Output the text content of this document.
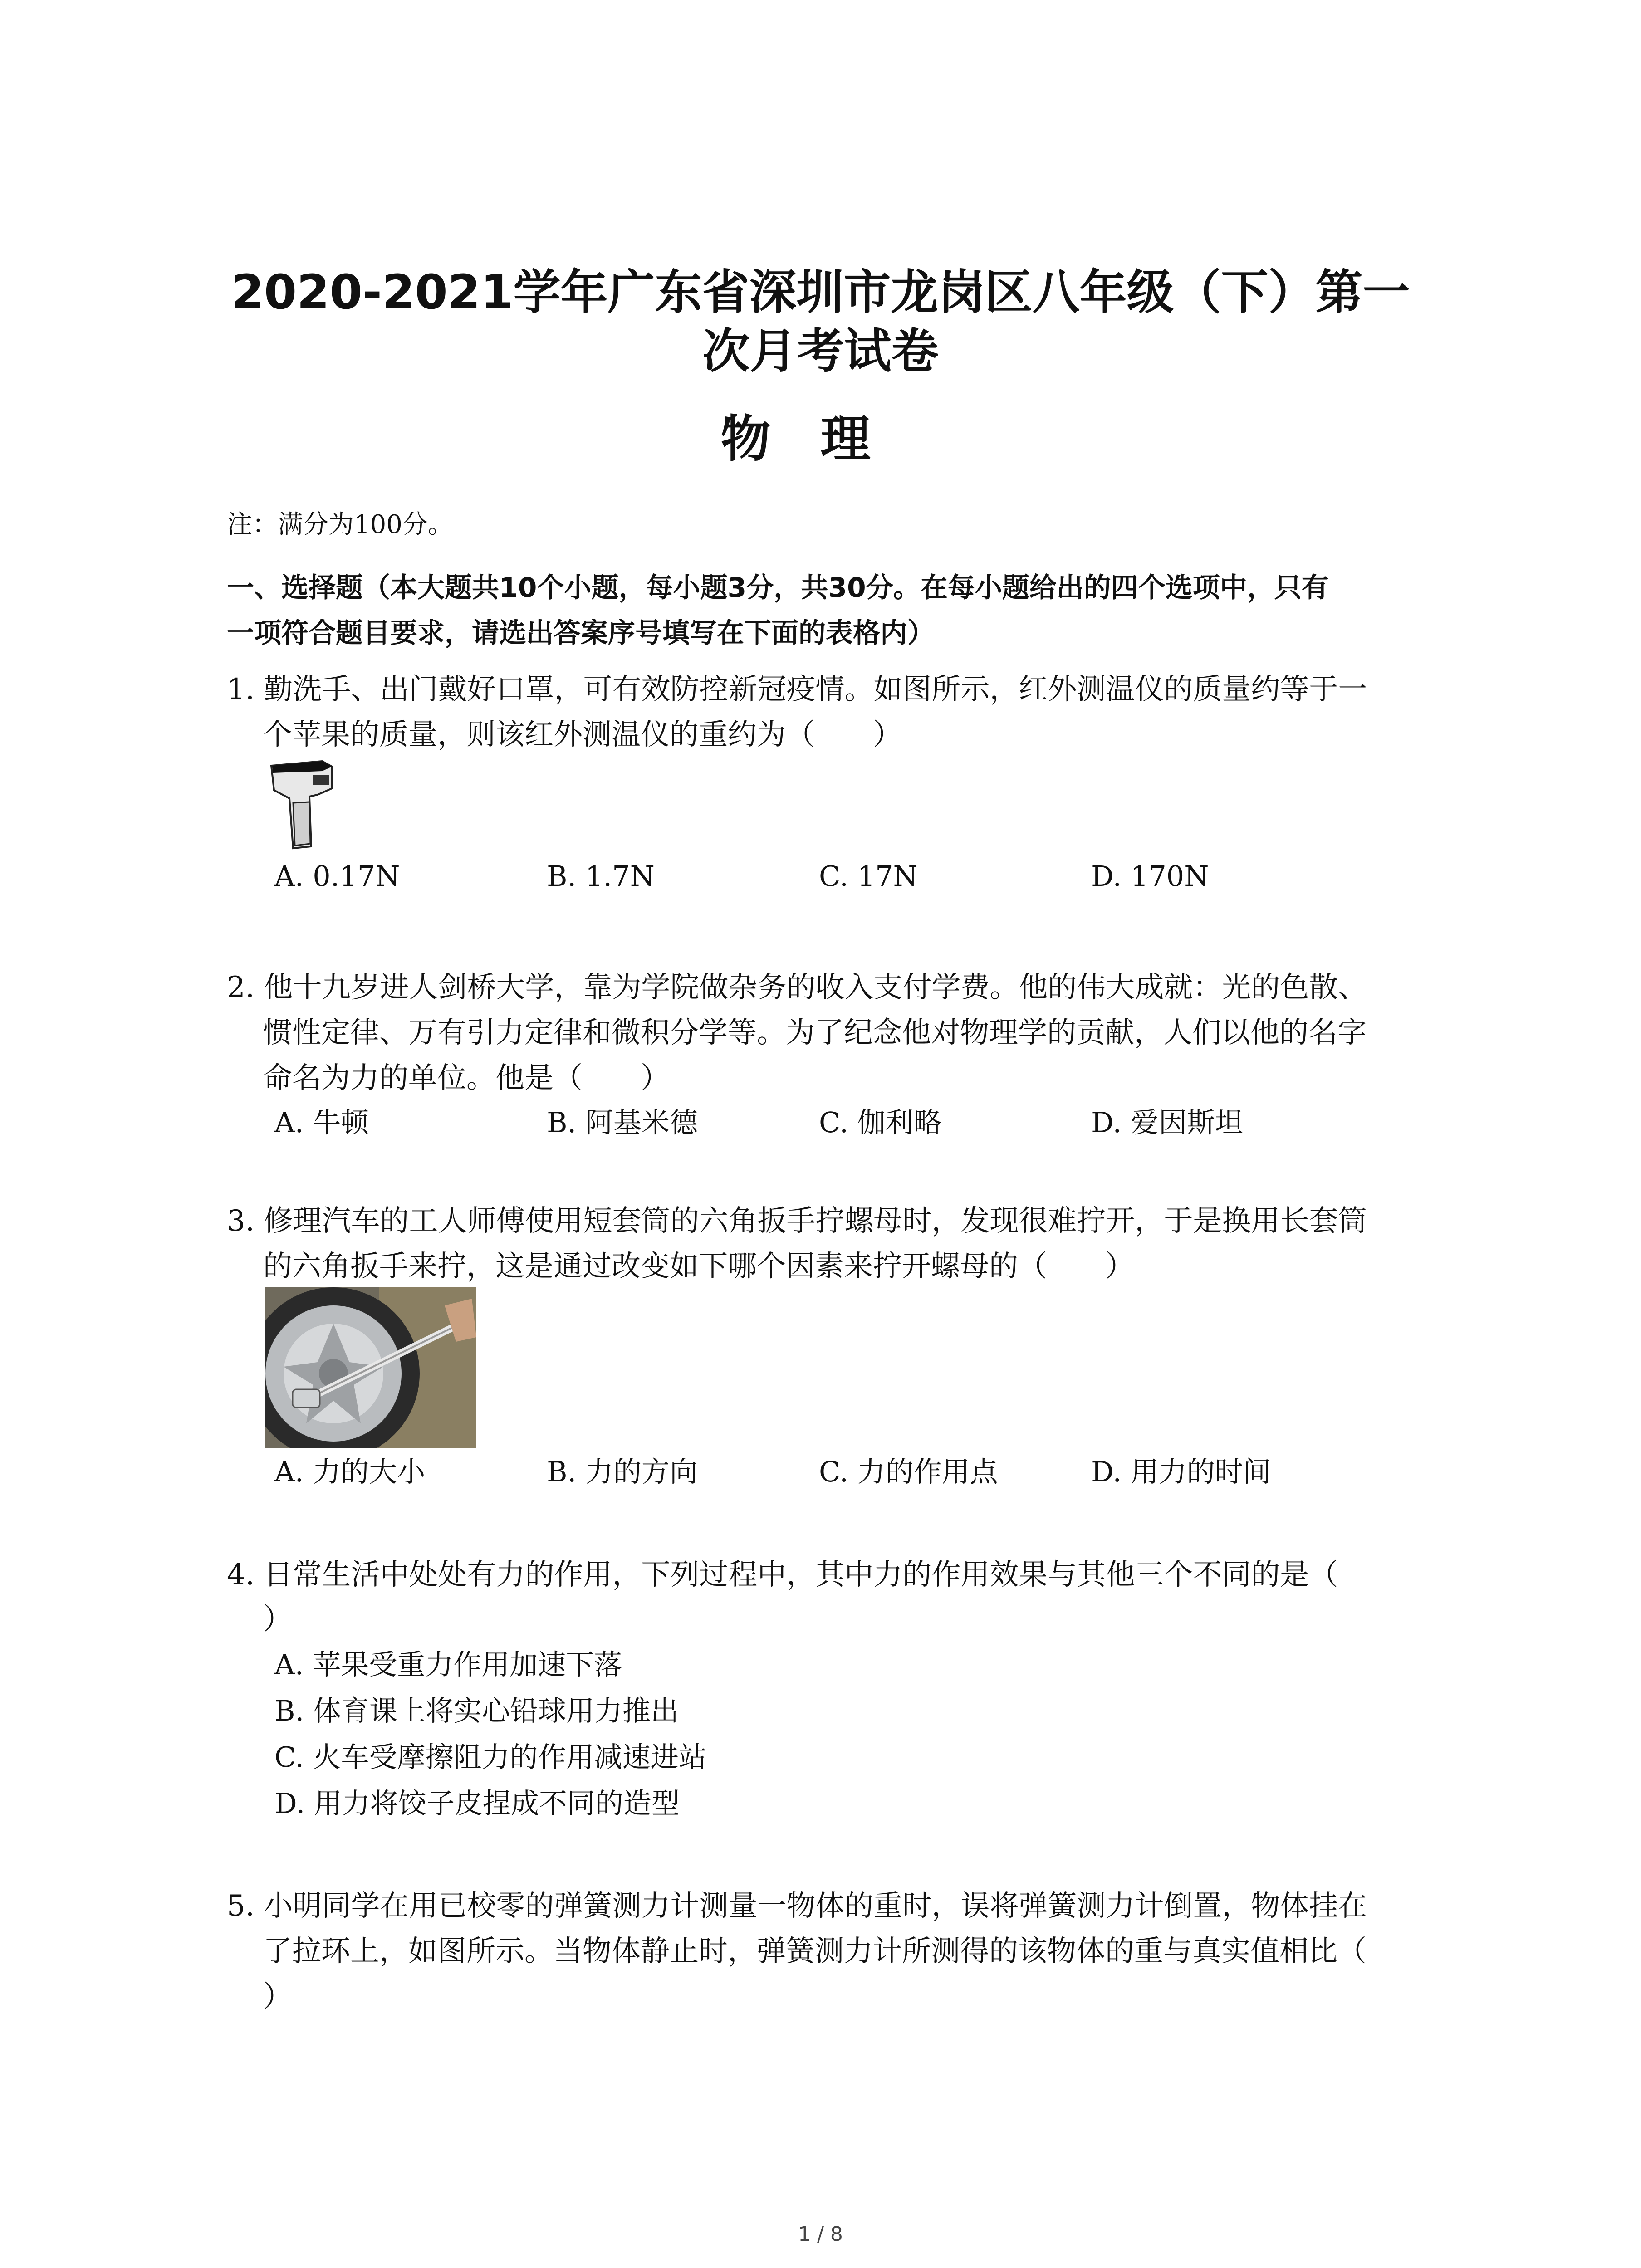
2020-2021学年广东省深圳市龙岗区八年级（下）第一
次月考试卷
物理
注：满分为100分。
一、选择题（本大题共10个小题，每小题3分，共30分。在每小题给出的四个选项中，只有
一项符合题目要求，请选出答案序号填写在下面的表格内）
1. 勤洗手、出门戴好口罩，可有效防控新冠疫情。如图所示，红外测温仪的质量约等于一
个苹果的质量，则该红外测温仪的重约为（　　）
A. 0.17N	B. 1.7N	C. 17N	D. 170N
2. 他十九岁进人剑桥大学，靠为学院做杂务的收入支付学费。他的伟大成就：光的色散、
惯性定律、万有引力定律和微积分学等。为了纪念他对物理学的贡献，人们以他的名字
命名为力的单位。他是（　　）
A. 牛顿	B. 阿基米德	C. 伽利略	D. 爱因斯坦
3. 修理汽车的工人师傅使用短套筒的六角扳手拧螺母时，发现很难拧开，于是换用长套筒
的六角扳手来拧，这是通过改变如下哪个因素来拧开螺母的（　　）
A. 力的大小	B. 力的方向	C. 力的作用点	D. 用力的时间
4. 日常生活中处处有力的作用，下列过程中，其中力的作用效果与其他三个不同的是（
）
A. 苹果受重力作用加速下落
B. 体育课上将实心铅球用力推出
C. 火车受摩擦阻力的作用减速进站
D. 用力将饺子皮捏成不同的造型
5. 小明同学在用已校零的弹簧测力计测量一物体的重时，误将弹簧测力计倒置，物体挂在
了拉环上，如图所示。当物体静止时，弹簧测力计所测得的该物体的重与真实值相比（
）
1 / 8
